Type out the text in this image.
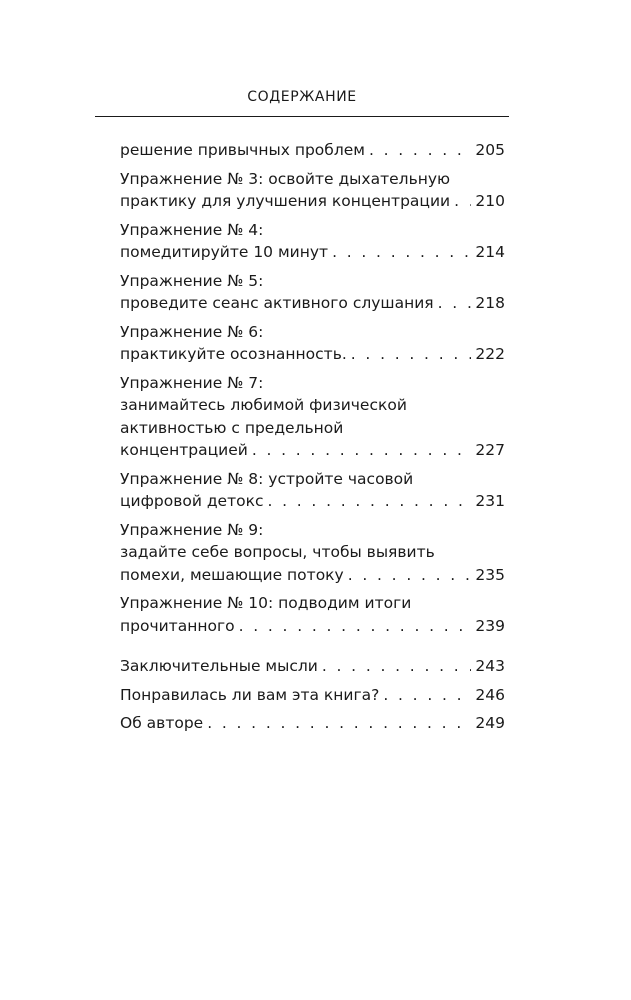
СОДЕРЖАНИЕ
решение привычных проблем . . .	205
Упражнение № 3: освойте дыхательную
практику для улучшения концентрации . . . 210
Упражнение № 4:
помедитируйте 10 минут . . .	214
Упражнение № 5:
проведите сеанс активного слушания . . .	218
Упражнение № 6:
практикуйте осознанность. . . .	222
Упражнение № 7:
занимайтесь любимой физической
активностью с предельной
концентрацией . . .	227
Упражнение № 8: устройте часовой
цифровой детокс . . .	231
Упражнение № 9:
задайте себе вопросы, чтобы выявить
помехи, мешающие потоку . . .	235
Упражнение № 10: подводим итоги
прочитанного . . .	239
Заключительные мысли . . .	243
Понравилась ли вам эта книга? . . .	246
Об авторе . . .	249
